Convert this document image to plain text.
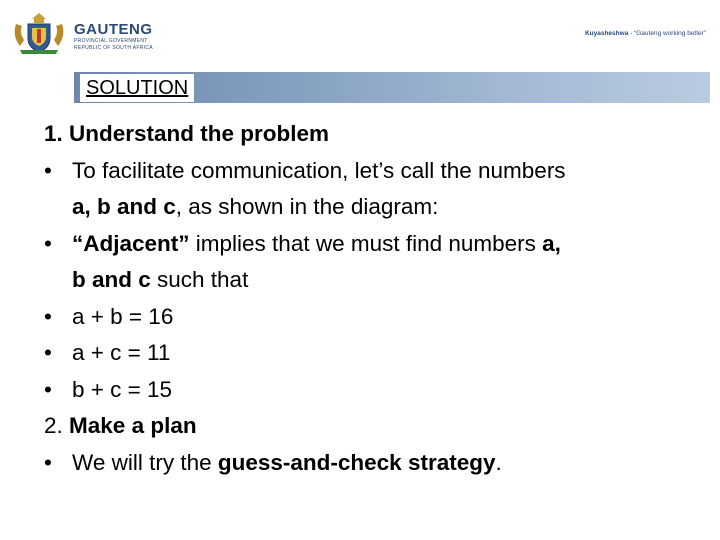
GAUTENG
PROVINCIAL GOVERNMENT
REPUBLIC OF SOUTH AFRICA
Kuyasheshwa - “Gauteng working better”
SOLUTION
1. Understand the problem
• To facilitate communication, let’s call the numbers
a, b and c, as shown in the diagram:
• “Adjacent” implies that we must find numbers a,
b and c such that
• a + b = 16
• a + c = 11
• b + c = 15
2. Make a plan
• We will try the guess-and-check strategy.
